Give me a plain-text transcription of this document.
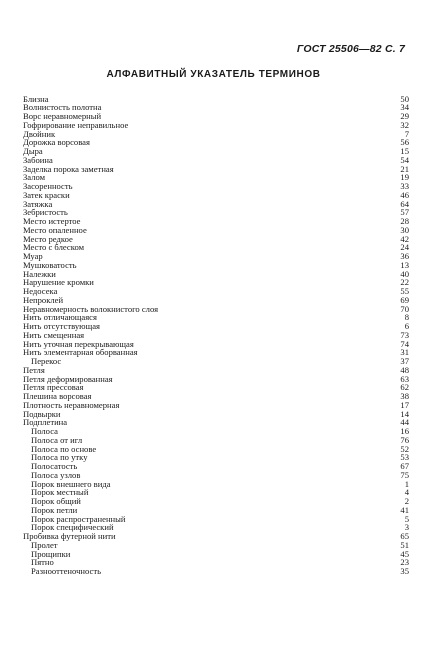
ГОСТ 25506—82 С. 7
АЛФАВИТНЫЙ УКАЗАТЕЛЬ ТЕРМИНОВ
Близна	50
Волнистость полотна	34
Ворс неравномерный	29
Гофрирование неправильное	32
Двойник	7
Дорожка ворсовая	56
Дыра	15
Забоина	54
Заделка порока заметная	21
Залом	19
Засоренность	33
Затек краски	46
Затяжка	64
Зебристость	57
Место истертое	28
Место опаленное	30
Место редкое	42
Место с блеском	24
Муар	36
Мушковатость	13
Належки	40
Нарушение кромки	22
Недосека	55
Непроклей	69
Неравномерность волокнистого слоя	70
Нить отличающаяся	8
Нить отсутствующая	6
Нить смещенная	73
Нить уточная перекрывающая	74
Нить элементарная оборванная	31
Перекос	37
Петля	48
Петля деформированная	63
Петля прессовая	62
Плешина ворсовая	38
Плотность неравномерная	17
Подвырки	14
Подплетина	44
Полоса	16
Полоса от игл	76
Полоса по основе	52
Полоса по утку	53
Полосатость	67
Полоса узлов	75
Порок внешнего вида	1
Порок местный	4
Порок общий	2
Порок петли	41
Порок распространенный	5
Порок специфический	3
Пробивка футерной нити	65
Пролет	51
Прощипки	45
Пятно	23
Разнооттеночность	35
